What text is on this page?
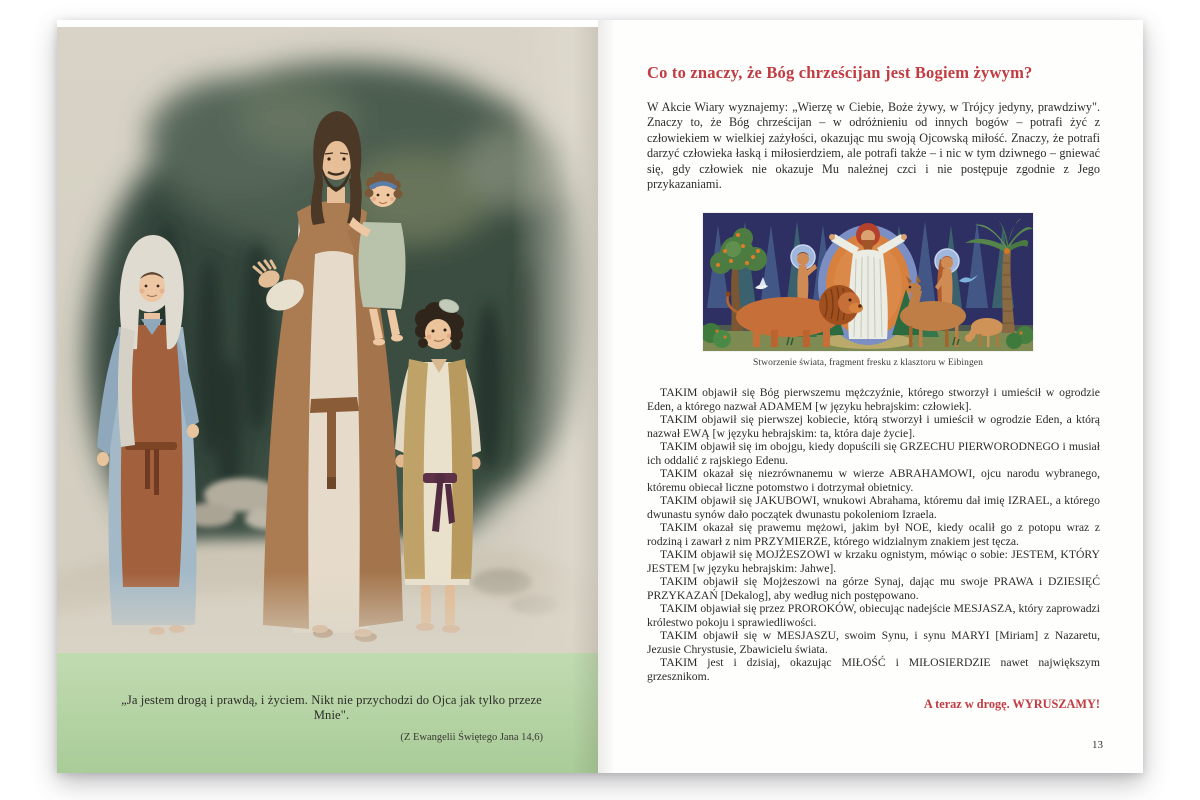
„Ja jestem drogą i prawdą, i życiem. Nikt nie przychodzi do Ojca jak tylko przeze Mnie".

(Z Ewangelii Świętego Jana 14,6)

Co to znaczy, że Bóg chrześcijan jest Bogiem żywym?

W Akcie Wiary wyznajemy: „Wierzę w Ciebie, Boże żywy, w Trójcy jedyny, prawdziwy". Znaczy to, że Bóg chrześcijan – w odróżnieniu od innych bogów – potrafi żyć z człowiekiem w wielkiej zażyłości, okazując mu swoją Ojcowską miłość. Znaczy, że potrafi darzyć człowieka łaską i miłosierdziem, ale potrafi także – i nic w tym dziwnego – gniewać się, gdy człowiek nie okazuje Mu należnej czci i nie postępuje zgodnie z Jego przykazaniami.

Stworzenie świata, fragment fresku z klasztoru w Eibingen

TAKIM objawił się Bóg pierwszemu mężczyźnie, którego stworzył i umieścił w ogrodzie Eden, a którego nazwał ADAMEM [w języku hebrajskim: człowiek].

TAKIM objawił się pierwszej kobiecie, którą stworzył i umieścił w ogrodzie Eden, a którą nazwał EWĄ [w języku hebrajskim: ta, która daje życie].

TAKIM objawił się im obojgu, kiedy dopuścili się GRZECHU PIERWORODNEGO i musiał ich oddalić z rajskiego Edenu.

TAKIM okazał się niezrównanemu w wierze ABRAHAMOWI, ojcu narodu wybranego, któremu obiecał liczne potomstwo i dotrzymał obietnicy.

TAKIM objawił się JAKUBOWI, wnukowi Abrahama, któremu dał imię IZRAEL, a którego dwunastu synów dało początek dwunastu pokoleniom Izraela.

TAKIM okazał się prawemu mężowi, jakim był NOE, kiedy ocalił go z potopu wraz z rodziną i zawarł z nim PRZYMIERZE, którego widzialnym znakiem jest tęcza.

TAKIM objawił się MOJŻESZOWI w krzaku ognistym, mówiąc o sobie: JESTEM, KTÓRY JESTEM [w języku hebrajskim: Jahwe].

TAKIM objawił się Mojżeszowi na górze Synaj, dając mu swoje PRAWA i DZIESIĘĆ PRZYKAZAŃ [Dekalog], aby według nich postępowano.

TAKIM objawiał się przez PROROKÓW, obiecując nadejście MESJASZA, który zaprowadzi królestwo pokoju i sprawiedliwości.

TAKIM objawił się w MESJASZU, swoim Synu, i synu MARYI [Miriam] z Nazaretu, Jezusie Chrystusie, Zbawicielu świata.

TAKIM jest i dzisiaj, okazując MIŁOŚĆ i MIŁOSIERDZIE nawet największym grzesznikom.

A teraz w drogę. WYRUSZAMY!

13
